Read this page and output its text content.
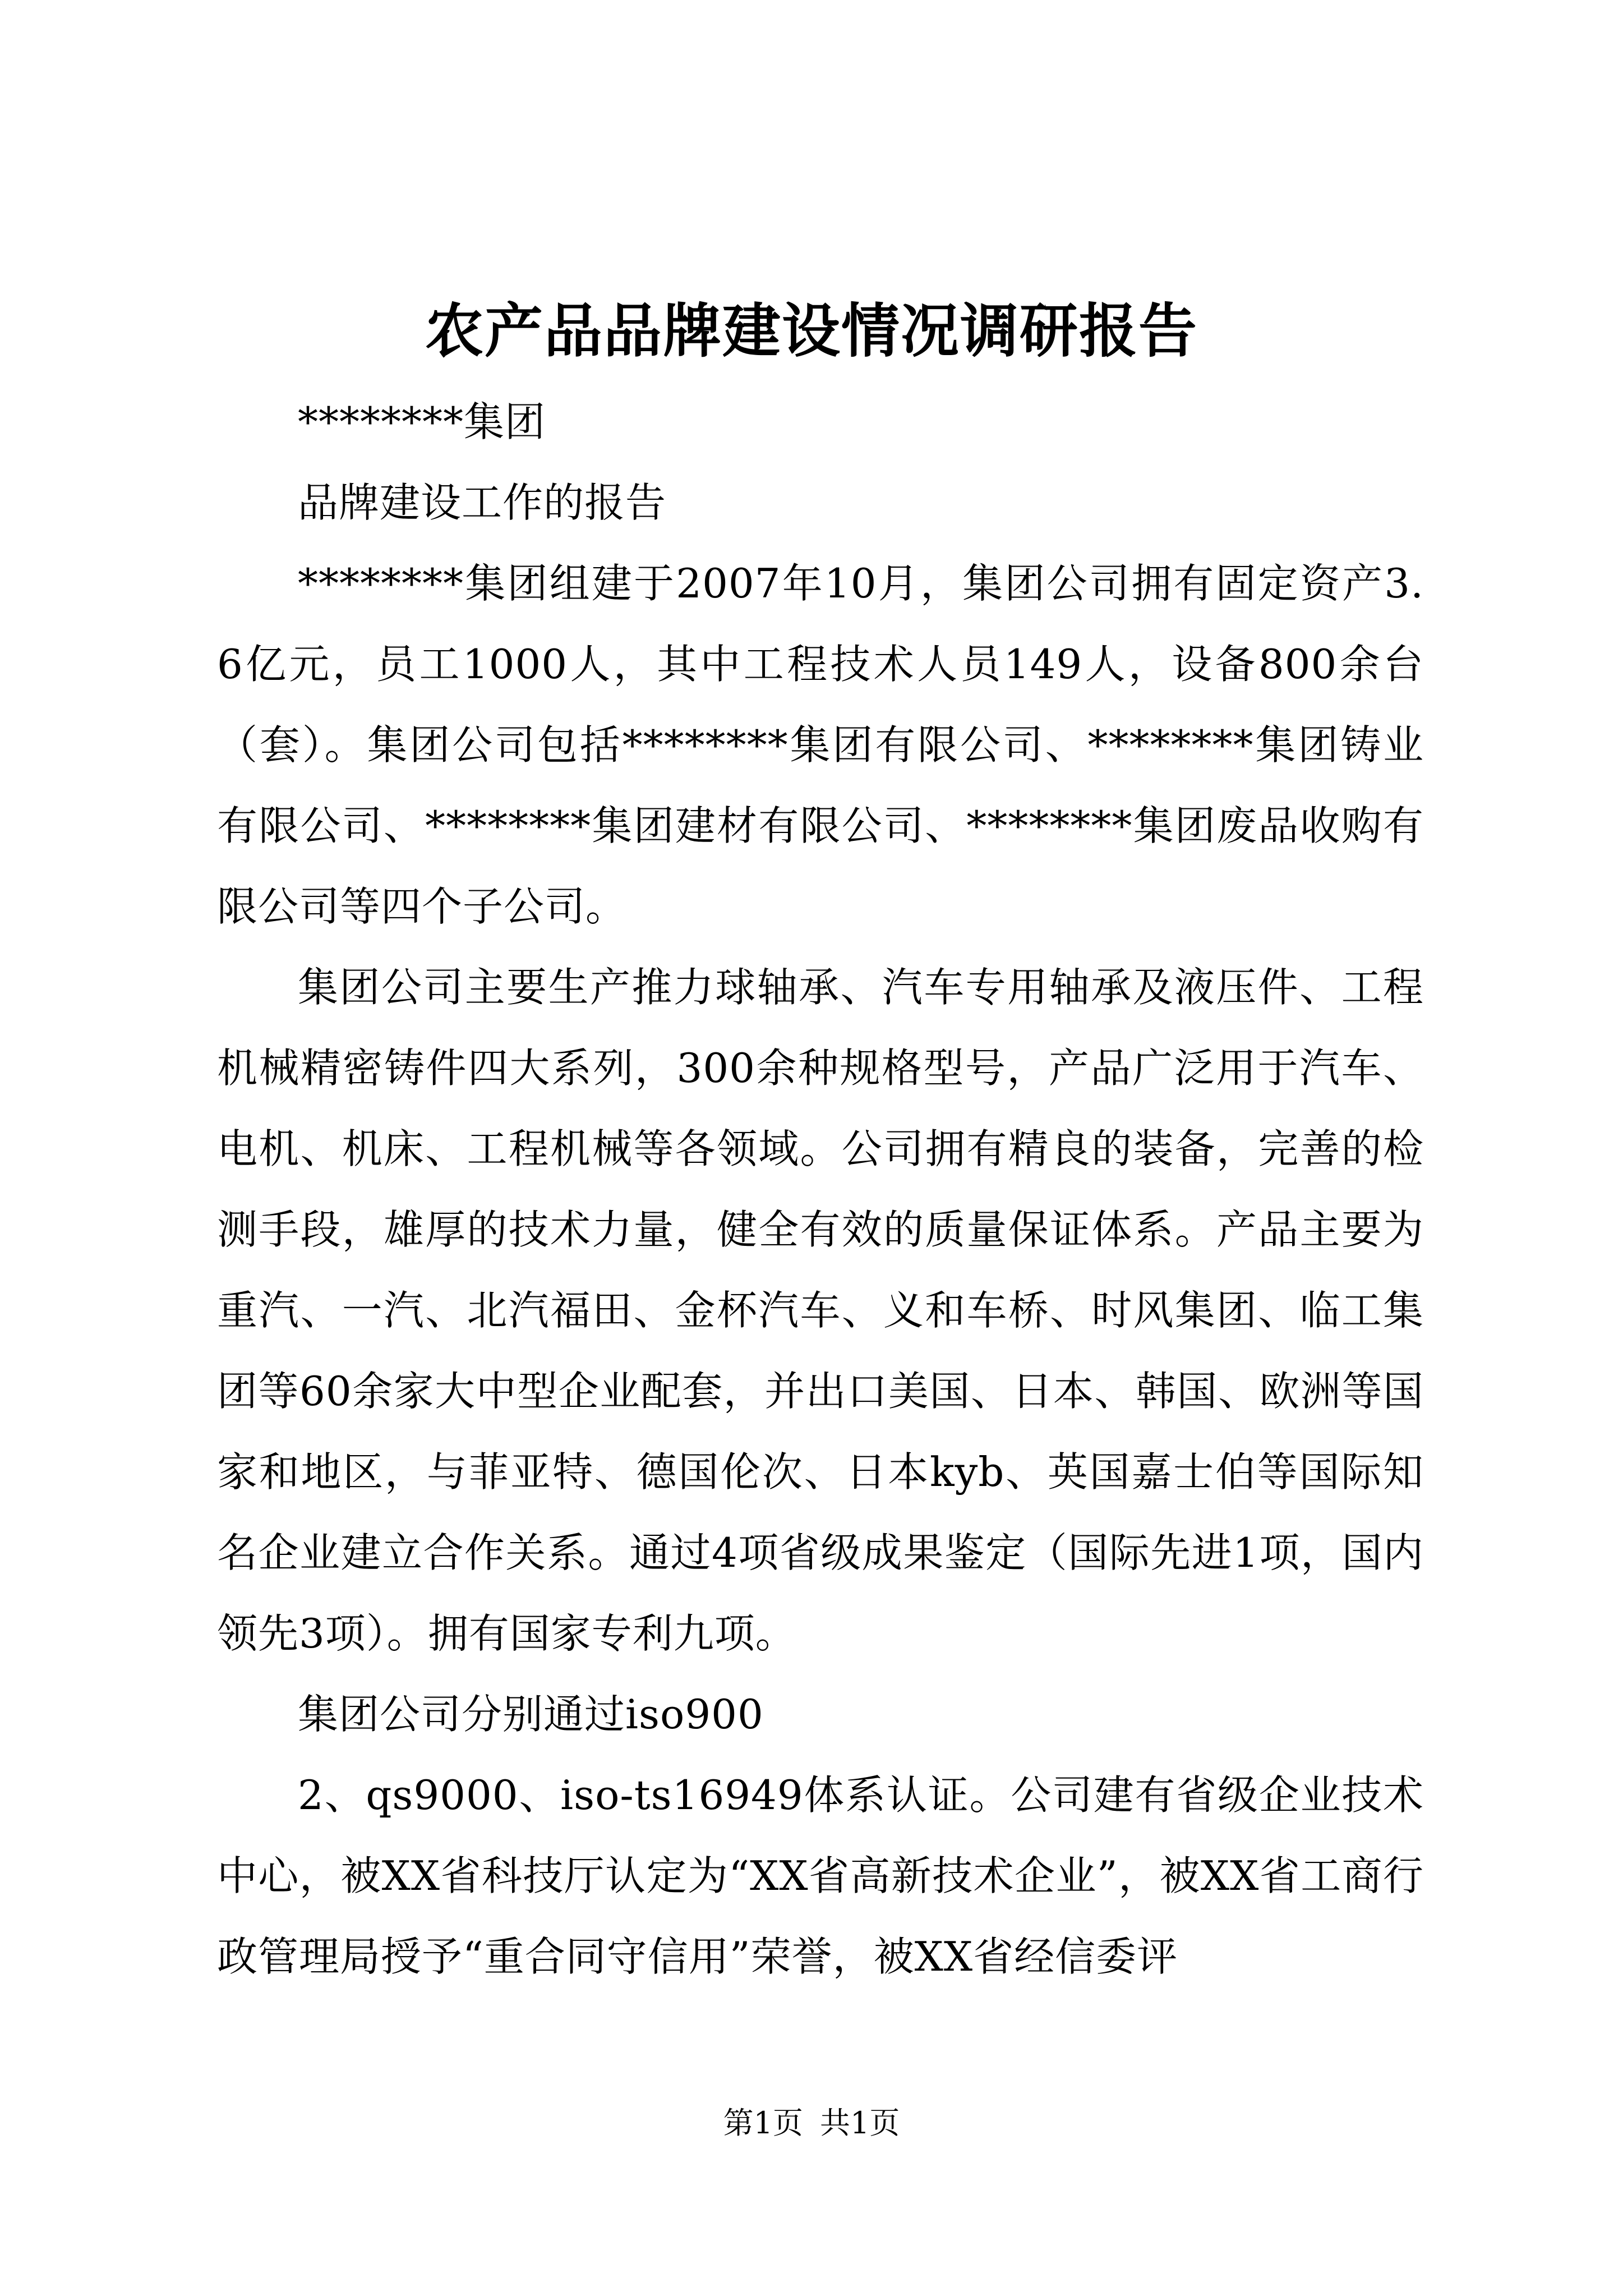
农产品品牌建设情况调研报告

********集团

品牌建设工作的报告

********集团组建于2007年10月，集团公司拥有固定资产3.6亿元，员工1000人，其中工程技术人员149人，设备800余台（套）。集团公司包括********集团有限公司、********集团铸业有限公司、********集团建材有限公司、********集团废品收购有限公司等四个子公司。

集团公司主要生产推力球轴承、汽车专用轴承及液压件、工程机械精密铸件四大系列，300余种规格型号，产品广泛用于汽车、电机、机床、工程机械等各领域。公司拥有精良的装备，完善的检测手段，雄厚的技术力量，健全有效的质量保证体系。产品主要为重汽、一汽、北汽福田、金杯汽车、义和车桥、时风集团、临工集团等60余家大中型企业配套，并出口美国、日本、韩国、欧洲等国家和地区，与菲亚特、德国伦次、日本kyb、英国嘉士伯等国际知名企业建立合作关系。通过4项省级成果鉴定（国际先进1项，国内领先3项）。拥有国家专利九项。

集团公司分别通过iso900

2、qs9000、iso-ts16949体系认证。公司建有省级企业技术中心，被XX省科技厅认定为“XX省高新技术企业”，被XX省工商行政管理局授予“重合同守信用”荣誉，被XX省经信委评

第1页 共1页
